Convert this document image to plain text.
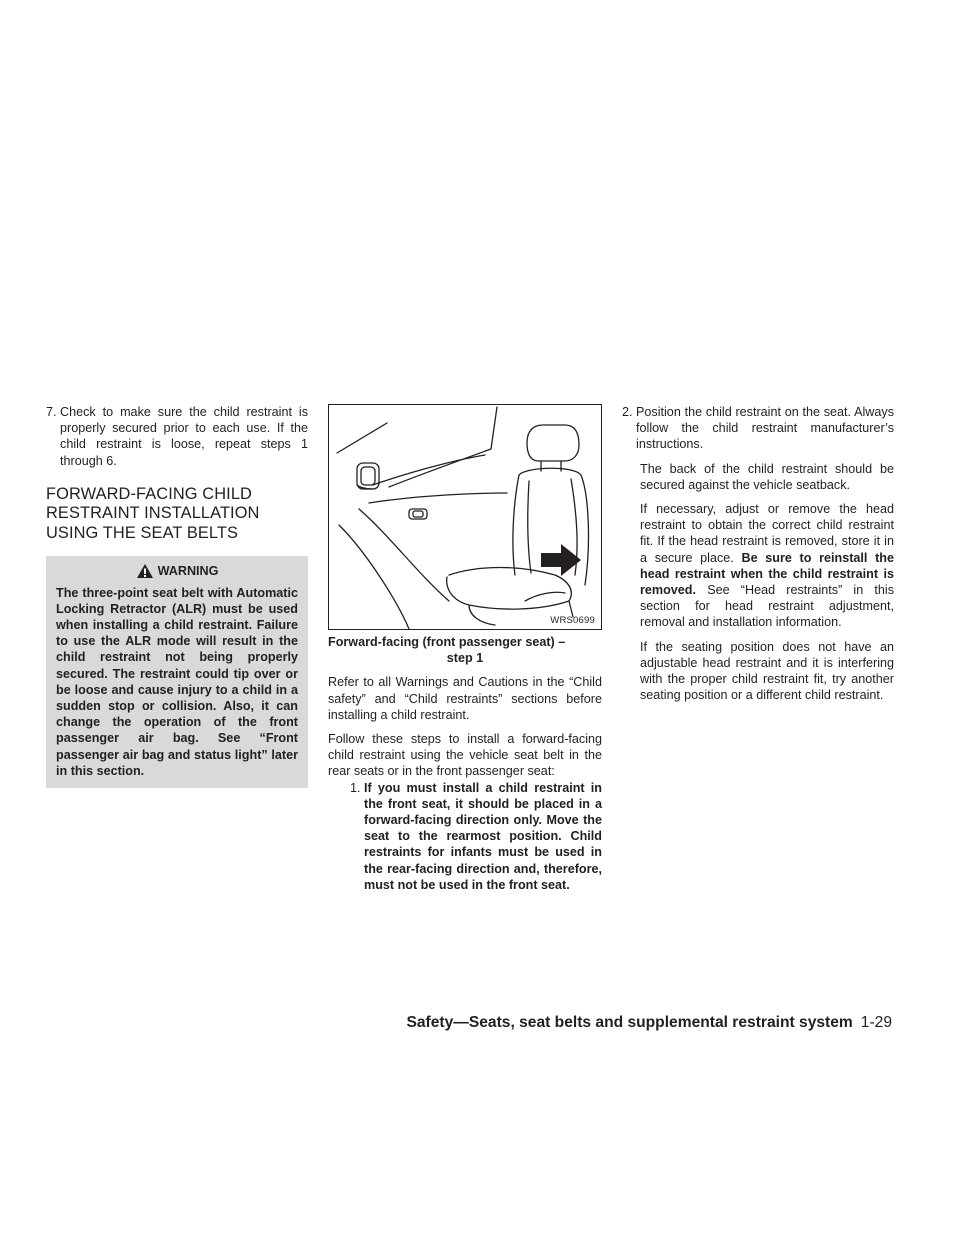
7.
Check to make sure the child restraint is properly secured prior to each use. If the child restraint is loose, repeat steps 1 through 6.
FORWARD-FACING CHILD RESTRAINT INSTALLATION USING THE SEAT BELTS
WARNING

The three-point seat belt with Automatic Locking Retractor (ALR) must be used when installing a child restraint. Failure to use the ALR mode will result in the child restraint not being properly secured. The restraint could tip over or be loose and cause injury to a child in a sudden stop or collision. Also, it can change the operation of the front passenger air bag. See “Front passenger air bag and status light” later in this section.

WRS0699
Forward-facing (front passenger seat) –
step 1

Refer to all Warnings and Cautions in the “Child safety” and “Child restraints” sections before installing a child restraint.

Follow these steps to install a forward-facing child restraint using the vehicle seat belt in the rear seats or in the front passenger seat:

1.
If you must install a child restraint in the front seat, it should be placed in a forward-facing direction only. Move the seat to the rearmost position. Child restraints for infants must be used in the rear-facing direction and, therefore, must not be used in the front seat.
2.
Position the child restraint on the seat. Always follow the child restraint manufacturer’s instructions.

The back of the child restraint should be secured against the vehicle seatback.

If necessary, adjust or remove the head restraint to obtain the correct child restraint fit. If the head restraint is removed, store it in a secure place. Be sure to reinstall the head restraint when the child restraint is removed. See “Head restraints” in this section for head restraint adjustment, removal and installation information.

If the seating position does not have an adjustable head restraint and it is interfering with the proper child restraint fit, try another seating position or a different child restraint.

Safety—Seats, seat belts and supplemental restraint system 1-29
